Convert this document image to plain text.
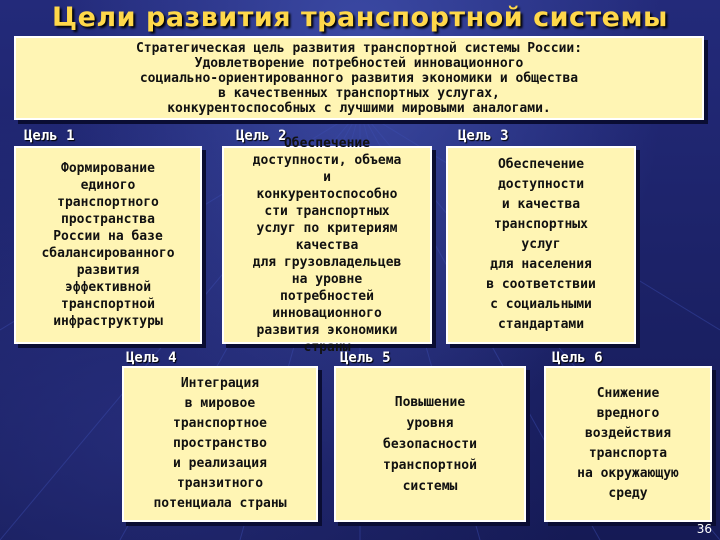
Цели развития транспортной системы
Стратегическая цель развития транспортной системы России:
Удовлетворение потребностей инновационного
социально-ориентированного развития экономики и общества
в качественных транспортных услугах,
конкурентоспособных с лучшими мировыми аналогами.
Цель 1	Цель 2	Цель 3
Цель 4	Цель 5	Цель 6
Формирование
единого
транспортного
пространства
России на базе
сбалансированного
развития
эффективной
транспортной
инфраструктуры
Обеспечение
доступности, объема
и
конкурентоспособно
сти транспортных
услуг по критериям
качества
для грузовладельцев
на уровне
потребностей
инновационного
развития экономики
страны
Обеспечение
доступности
и качества
транспортных
услуг
для населения
в соответствии
с социальными
стандартами
Интеграция
в мировое
транспортное
пространство
и реализация
транзитного
потенциала страны
Повышение
уровня
безопасности
транспортной
системы
Снижение
вредного
воздействия
транспорта
на окружающую
среду
36
